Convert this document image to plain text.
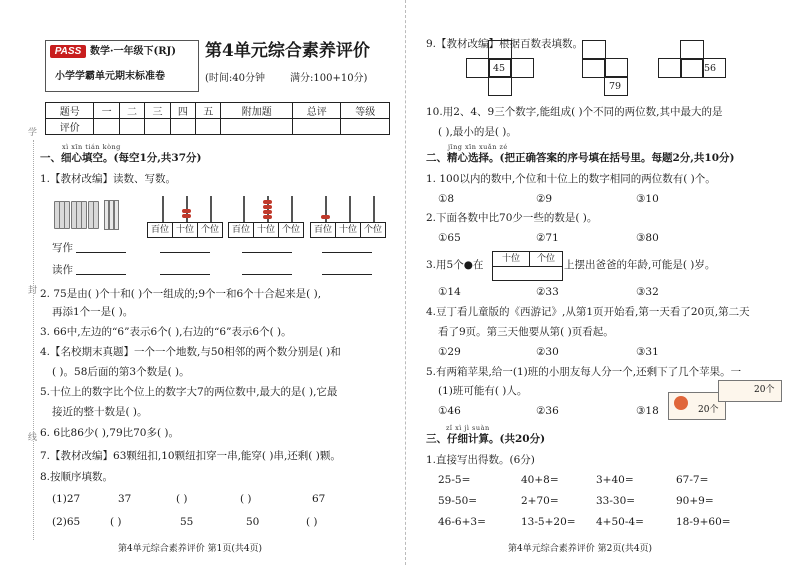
学
封
线
PASS 数学·一年级下(RJ)
小学学霸单元期末标准卷
第4单元综合素养评价
(时间:40分钟	满分:100+10分)
题号	一	二	三	四	五	附加题	总评	等级
评价								
xì xīn tián kòng
一、细心填空。(每空1分,共37分)
1.【教材改编】读数、写数。
百位 十位 个位	百位 十位 个位	百位 十位 个位
写作
读作
2. 75是由( )个十和( )个一组成的;9个一和6个十合起来是( ),
再添1个一是( )。
3. 66中,左边的“6”表示6个( ),右边的“6”表示6个( )。
4.【名校期末真题】一个一个地数,与50相邻的两个数分别是( )和
( )。58后面的第3个数是( )。
5.十位上的数字比个位上的数字大7的两位数中,最大的是( ),它最
接近的整十数是( )。
6. 6比86少( ),79比70多( )。
7.【教材改编】63颗纽扣,10颗纽扣穿一串,能穿( )串,还剩( )颗。
8.按顺序填数。
(1)27	37	( )	( )	67
(2)65	( )	55	50	( )
第4单元综合素养评价 第1页(共4页)
9.【教材改编】根据百数表填数。
45
79
56
10.用2、4、9三个数字,能组成( )个不同的两位数,其中最大的是
( ),最小的是( )。
jīng xīn xuǎn zé
二、精心选择。(把正确答案的序号填在括号里。每题2分,共10分)
1. 100以内的数中,个位和十位上的数字相同的两位数有( )个。
①8	②9	③10
2.下面各数中比70少一些的数是( )。
①65	②71	③80
3.用5个●在	十位	个位 上摆出爸爸的年龄,可能是( )岁。
①14	②33	③32
4.豆丁看儿童版的《西游记》,从第1页开始看,第一天看了20页,第二天
看了9页。第三天他要从第( )页看起。
①29	②30	③31
5.有两箱苹果,给一(1)班的小朋友每人分一个,还剩下了几个苹果。一
(1)班可能有( )人。
①46	②36	③18	20个
20个
zǐ xì jì suàn
三、仔细计算。(共20分)
1.直接写出得数。(6分)
25-5=	40+8=	3+40=	67-7=
59-50=	2+70=	33-30=	90+9=
46-6+3=	13-5+20= 4+50-4=	18-9+60=
第4单元综合素养评价 第2页(共4页)
